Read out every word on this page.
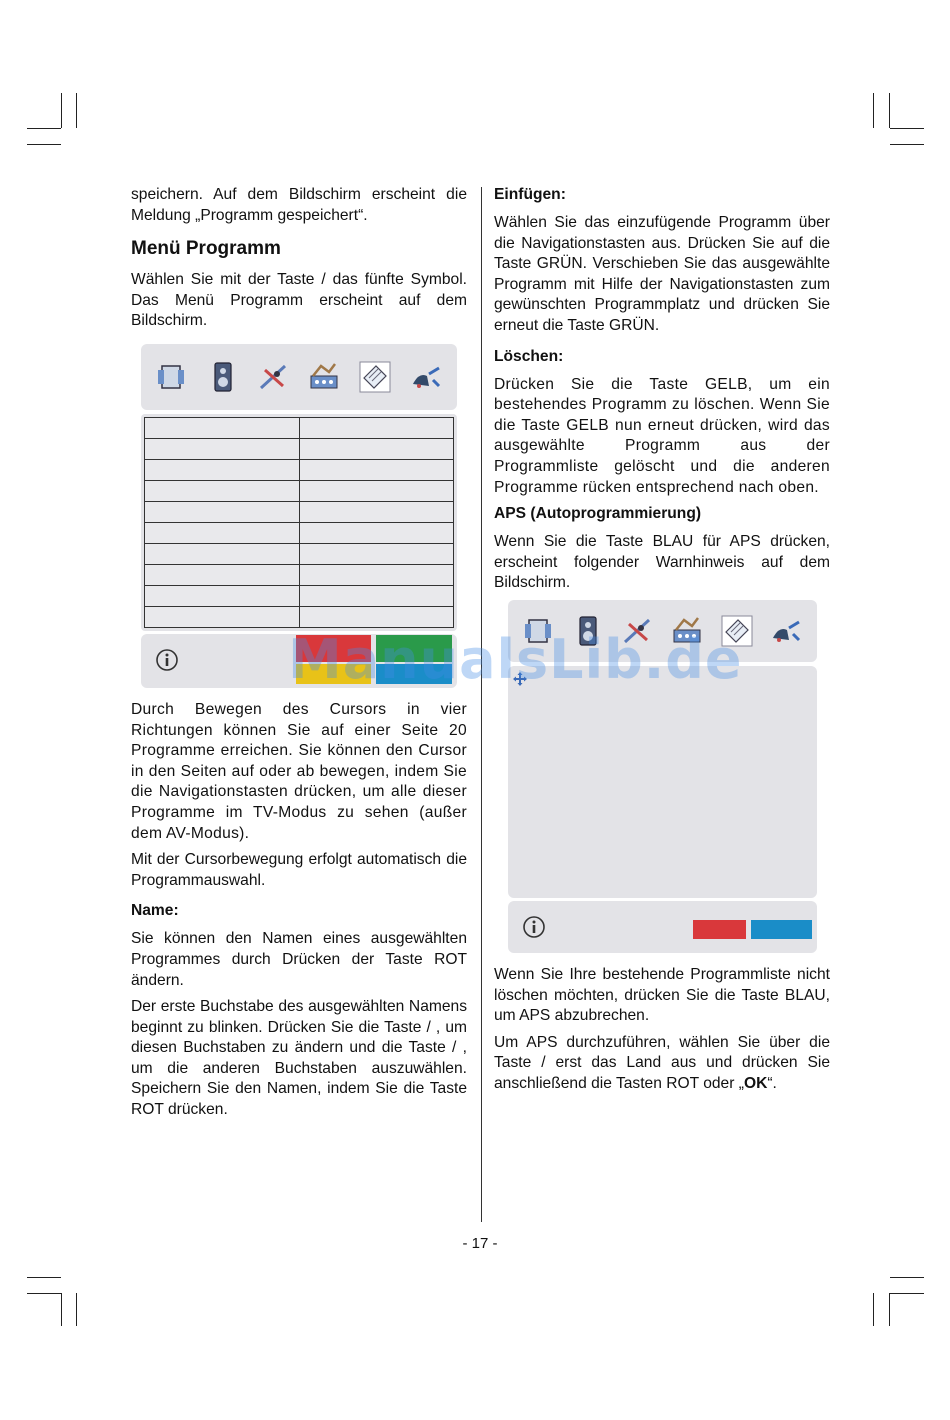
speichern. Auf dem Bildschirm erscheint die Meldung „Programm gespeichert“.

Menü Programm

Wählen Sie mit der Taste / das fünfte Symbol. Das Menü Programm erscheint auf dem Bildschirm.

Durch Bewegen des Cursors in vier Richtungen können Sie auf einer Seite 20 Programme erreichen. Sie können den Cursor in den Seiten auf oder ab bewegen, indem Sie die Navigationstasten drücken, um alle dieser Programme im TV-Modus zu sehen (außer dem AV-Modus).

Mit der Cursorbewegung erfolgt automatisch die Programmauswahl.

Name:

Sie können den Namen eines ausgewählten Programmes durch Drücken der Taste ROT ändern.

Der erste Buchstabe des ausgewählten Namens beginnt zu blinken. Drücken Sie die Taste / , um diesen Buchstaben zu ändern und die Taste / , um die anderen Buchstaben auszuwählen. Speichern Sie den Namen, indem Sie die Taste ROT drücken.

Einfügen:

Wählen Sie das einzufügende Programm über die Navigationstasten aus. Drücken Sie auf die Taste GRÜN. Verschieben Sie das ausgewählte Programm mit Hilfe der Navigationstasten zum gewünschten Programmplatz und drücken Sie erneut die Taste GRÜN.

Löschen:

Drücken Sie die Taste GELB, um ein bestehendes Programm zu löschen. Wenn Sie die Taste GELB nun erneut drücken, wird das ausgewählte Programm aus der Programmliste gelöscht und die anderen Programme rücken entsprechend nach oben.

APS (Autoprogrammierung)

Wenn Sie die Taste BLAU für APS drücken, erscheint folgender Warnhinweis auf dem Bildschirm.

Wenn Sie Ihre bestehende Programmliste nicht löschen möchten, drücken Sie die Taste BLAU, um APS abzubrechen.

Um APS durchzuführen, wählen Sie über die Taste / erst das Land aus und drücken Sie anschließend die Tasten ROT oder „OK“.

- 17 -
ManualsLib.de
